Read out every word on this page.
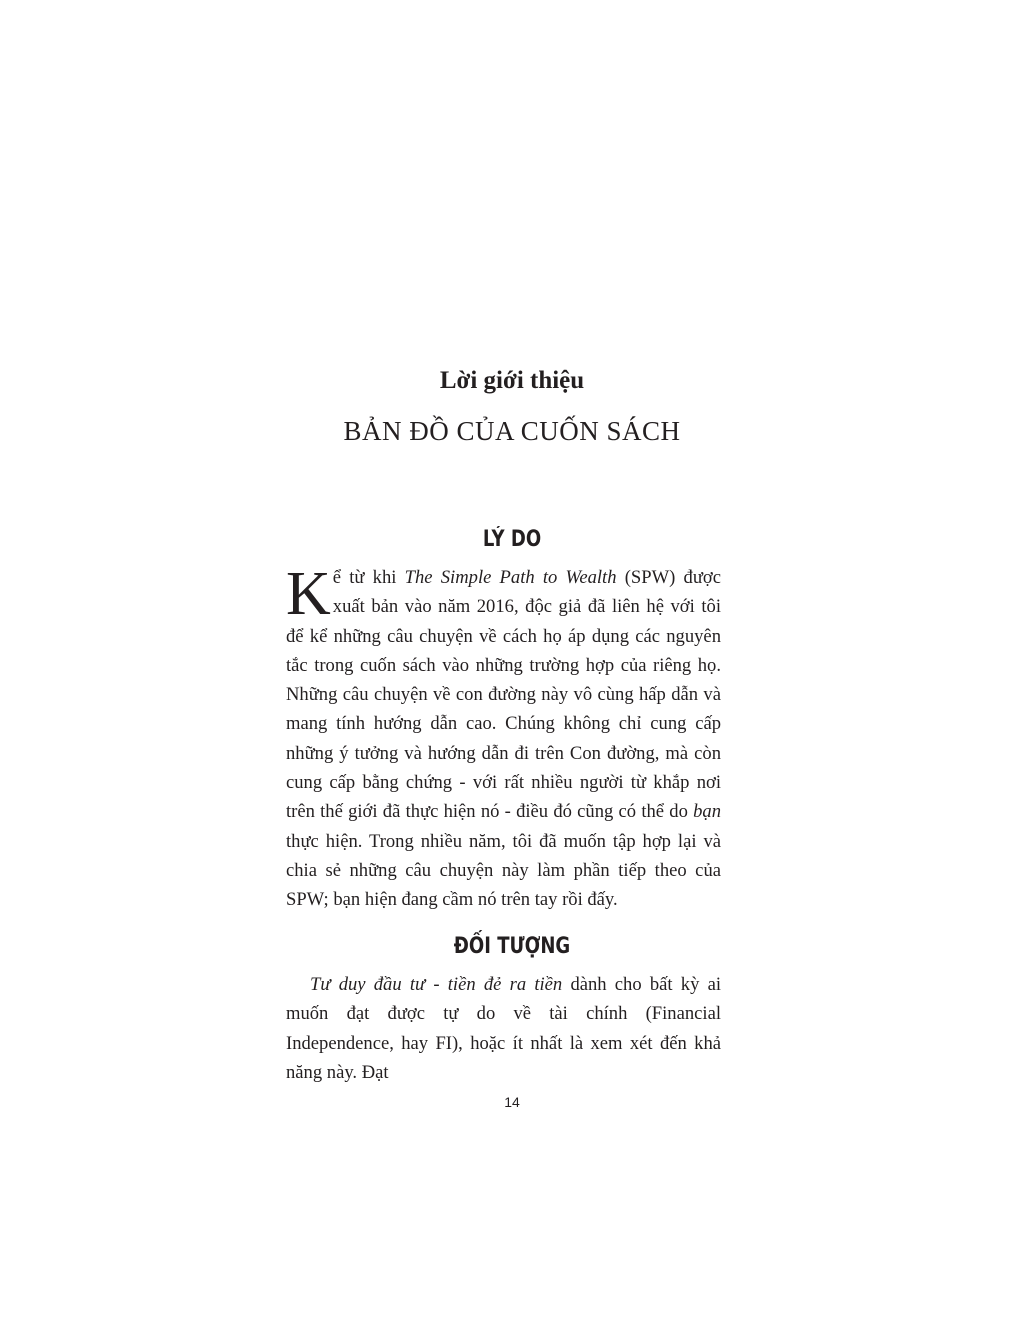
Lời giới thiệu
BẢN ĐỒ CỦA CUỐN SÁCH
LÝ DO

Kể từ khi The Simple Path to Wealth (SPW) được xuất bản vào năm 2016, độc giả đã liên hệ với tôi để kể những câu chuyện về cách họ áp dụng các nguyên tắc trong cuốn sách vào những trường hợp của riêng họ. Những câu chuyện về con đường này vô cùng hấp dẫn và mang tính hướng dẫn cao. Chúng không chỉ cung cấp những ý tưởng và hướng dẫn đi trên Con đường, mà còn cung cấp bằng chứng - với rất nhiều người từ khắp nơi trên thế giới đã thực hiện nó - điều đó cũng có thể do bạn thực hiện. Trong nhiều năm, tôi đã muốn tập hợp lại và chia sẻ những câu chuyện này làm phần tiếp theo của SPW; bạn hiện đang cầm nó trên tay rồi đấy.

ĐỐI TƯỢNG

Tư duy đầu tư - tiền đẻ ra tiền dành cho bất kỳ ai muốn đạt được tự do về tài chính (Financial Independence, hay FI), hoặc ít nhất là xem xét đến khả năng này. Đạt

14
